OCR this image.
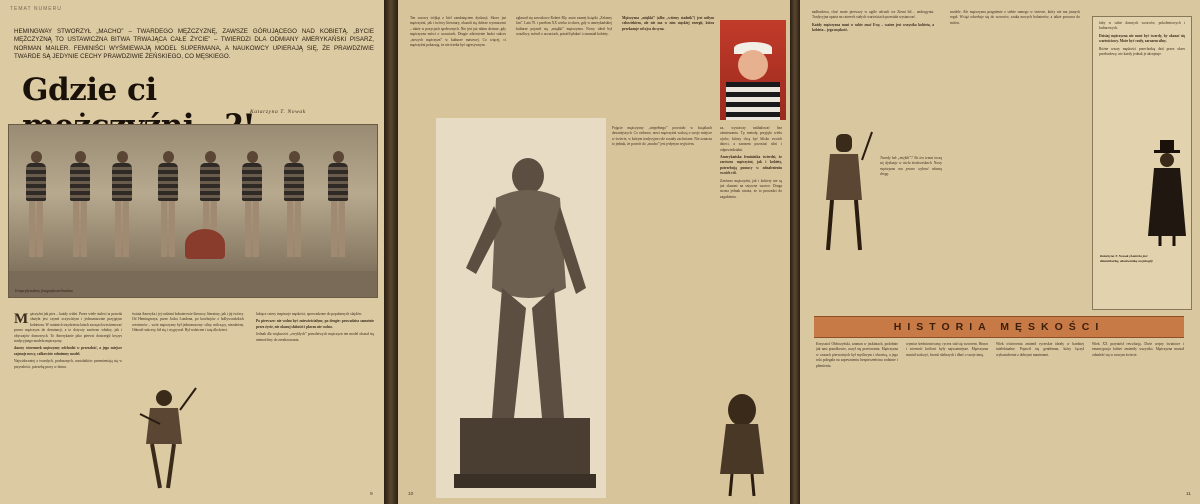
TEMAT NUMERU
HEMINGWAY STWORZYŁ „MACHO” – TWARDEGO MĘŻCZYZNĘ, ZAWSZE GÓRUJĄCEGO NAD KOBIETĄ. „BYCIE MĘŻCZYZNĄ TO USTAWICZNA BITWA TRWAJĄCA CAŁE ŻYCIE” – TWIERDZI DLA ODMIANY AMERYKAŃSKI PISARZ, NORMAN MAILER. FEMINIŚCI WYŚMIEWAJĄ MODEL SUPERMANA, A NAUKOWCY UPIERAJĄ SIĘ, ŻE PRAWDZIWIE TWARDE SĄ JEDYNIE CECHY PRAWDZIWIE ŻEŃSKIEGO, CO MĘSKIEGO.
Gdzie ci
Katarzyna T. Nowak
Grupa pływaków, fotografia archiwalna

Mężczyźni jak pies – każdy widzi. Przez wiele stuleci ta prawda służyła jest czymś oczywistym i jednoznacznie przyjętym kobietom. W ostatnich trzydziestu latach zaczęto kwestionować prawo mężczyzn do dominacji, a to dotyczy zarówno władzy, jak i obyczajów domowych. To Amerykanie jako pierwsi dostrzegli kryzys tradycyjnego modelu mężczyzny.

dawny wizerunek mężczyzny odchodzi w przeszłość, a jego miejsce zajmuje nowy, całkowicie odmienny model.

Najwidoczniej z twardych, posłusznych, nastolatków przemieniają się w przyszłości, potrzebę pracy w domu.

świata Ameryka i jej rodzimi bohaterowie literaccy literatury, jak i jej twórcy. Od Hemingwaya, przez Jacka Londona, po kowbojów z hollywoodzkich westernów – wzór mężczyzny był jednoznaczny: silny, milczący, niezależny. Odnosił sukcesy, bił się i wygrywał. Był rodzicem i tatą dla dzieci.

lubiące cztery inspiracje męskości, sprowadzone do popularnych slajdów.

Po pierwsze: nie wolno być zniewieściałym; po drugie: prowadzisz samotnie przez życie, nie okazuj słabości i płaczu nie wolno.

Jednak dla większości „zwykłych” prawdziwych mężczyzn ten model okazał się niemożliwy do zrealizowania.

9

Ten surowy trójkąt z biel zamknięciem dyskusji. Skoro już mężczyźni, jak i twórcy literatury, okazali się dobrze wyznaczeni – także w pozycjach społecznych. Nie jest już nikim dziwne, gdy mężczyzna mówi o uczuciach. Drugie zdziwienie budzi sukces „nowych mężczyzn” w kulturze masowej. Co więcej, ci mężczyźni pokazują, że nie trzeba być agresywnym.

zgłaszał się zawodowo Robert Bly, autor znanej książki „Żelazny Jan”. Lata 70. i przełom XX wieku to okres, gdy w amerykańskiej kulturze pojawił się „miękki” mężczyzna. Nowy ideał był wrażliwy, mówił o uczuciach, potrafił płakać i rozumiał kobiety.

Mężczyzna „miękki” (albo „wtórny stadnik”) jest miłym człowiekiem, ale nie ma w nim męskiej energii, która przekazuje od ojca do syna.

Pojęcie mężczyzny „niepełnego” powstało w książkach dawniejszych. Co ciekawe, nowi mężczyźni walczą o swoje miejsce w świecie, w którym tradycyjne role zostały zachwiane. Nie oznacza to jednak, że powrót do „macho” jest jedynym wyjściem.

za, wystarczy naśladować bez ośmieszania. Tę metodę przyjęło wielu ojców, którzy chcą być blisko swoich dzieci, a zarazem pozostać silni i odpowiedzialni.

Amerykańska feministka twierdzi, że zarówno mężczyźni, jak i kobiety, potrzebują pomocy w odnalezieniu swoich ról.

Zarówno mężczyźni, jak i kobiety nie są już skazani na sztywne wzorce. Druga strona jednak uważa, że to prowadzi do zagubienia.

10

nadbudowa, choć może pierwszy w ogóle odczuli we Ziemi bil… androgynia. Tradycyjna oparta na czterech stałych wartościach przestała wystarczać.

Każdy mężczyzna musi w sobie znać Ewę – ważne jest wszystko kobieta, a kobieta – jego męskość.

Twardy łub „miękki”? Na ten temat toczą się dyskusje w wielu środowiskach. Nowy mężczyzna ma prawo wybrać własną drogę.

modele. Ale mężczyzna pragnienie z siebie samego w świecie, który nie ma jasnych reguł. Wciąż odwołuje się do wzorców, szuka nowych bohaterów, a także powraca do mitów.	faby w sobie dawnych wzorców, pokoleniowych i kulturowych.

Dzisiaj mężczyzna nie musi być twardy, by okazać się wartościowy. Może być czuły, zarazem silny.

Różne wzory męskości przechodzą dziś przez okres przebudowy, nie każdy jednak je akceptuje.

Katarzyna T. Nowak (Autorka jest dziennikarką, absolwentką socjologii)
HISTORIA MĘSKOŚCI

Krzysztof Obłoczyński, szaman w jaskiniach, podobnie jak nasi przodkowie, uczył się przetrwania. Mężczyzna w czasach pierwotnych był myśliwym i obrońcą, a jego rola polegała na zapewnieniu bezpieczeństwa rodzinie i plemieniu.

wymiar średniowieczny, rycerz stał się wzorcem. Honor i wierność królowi były najważniejsze. Mężczyzna musiał walczyć, bronić słabszych i dbać o swoje imię.

Wiek oświecenia zmienił rycerskie ideały w bardziej intelektualne. Pojawił się gentleman, który łączył wykształcenie z dobrymi manierami.

Wiek XX przyniósł rewolucję. Dwie wojny światowe i emancypacja kobiet zmieniły wszystko. Mężczyzna musiał odnaleźć się w nowym świecie.

11
